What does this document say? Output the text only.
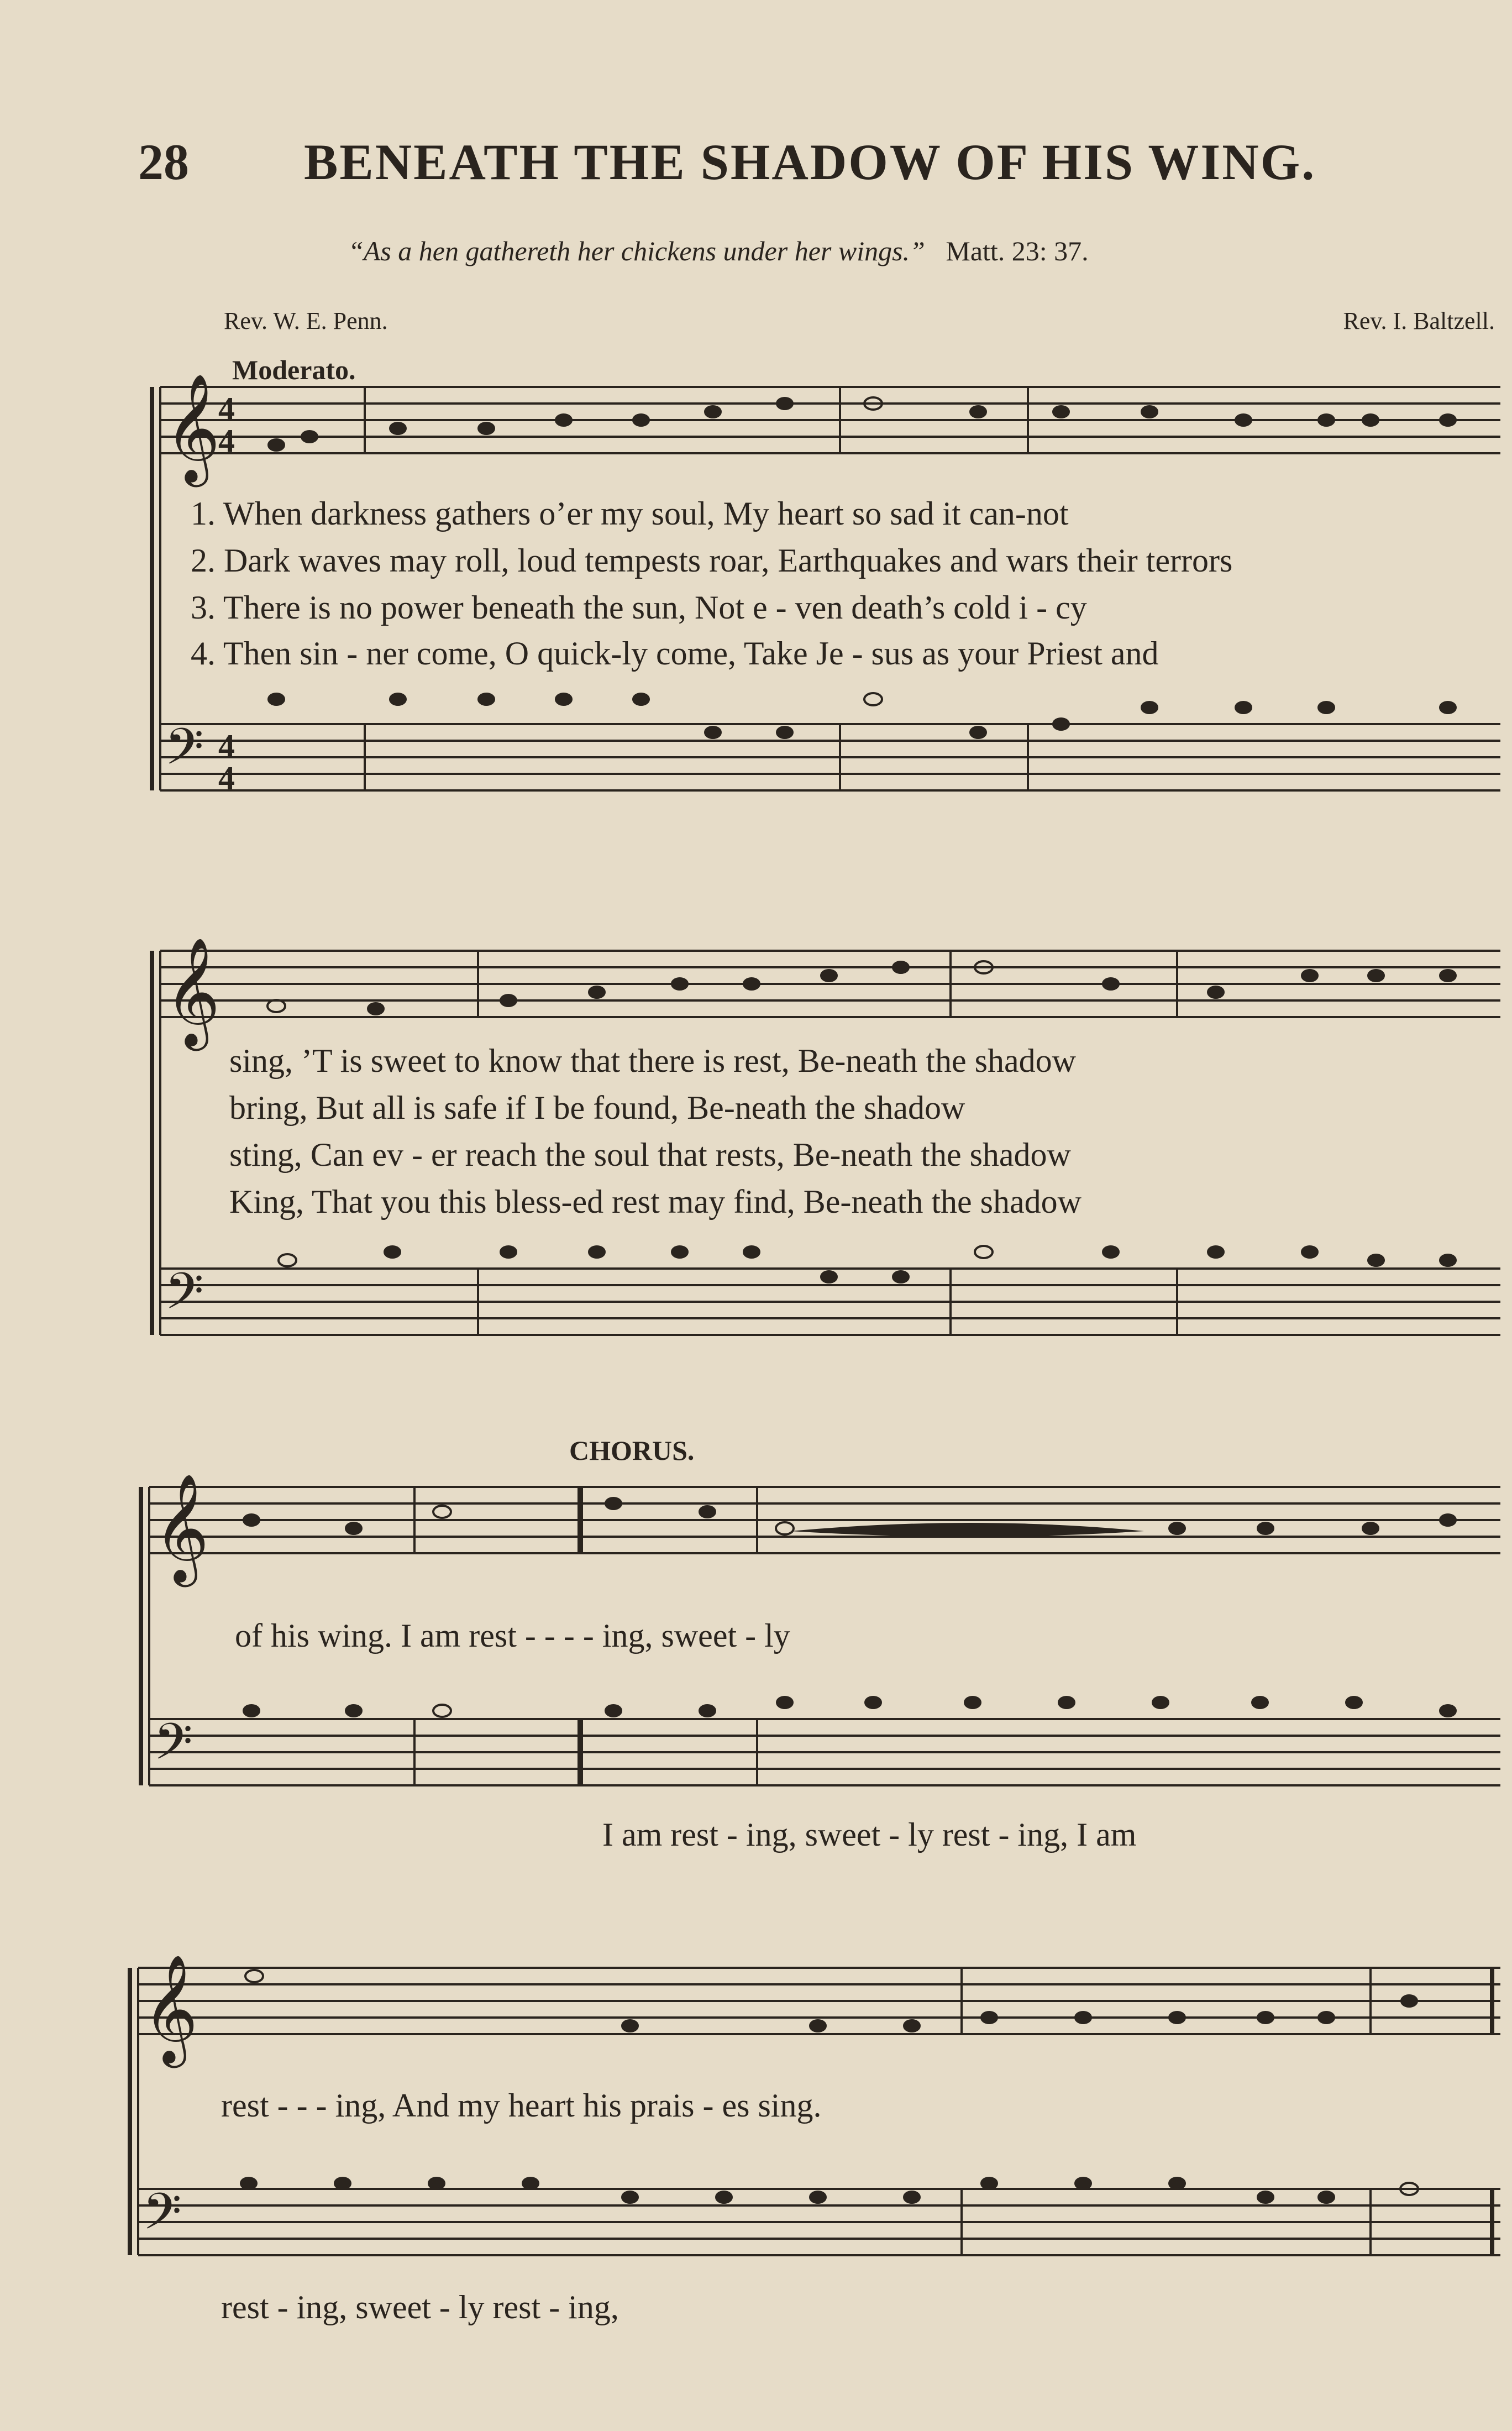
28 BENEATH THE SHADOW OF HIS WING.
“As a hen gathereth her chickens under her wings.” Matt. 23: 37.
Rev. W. E. Penn.	Rev. I. Baltzell.
𝄞
𝄢
𝄞
𝄢
𝄞
𝄢
𝄞
𝄢
4
4
4
4
Moderato.
1. When darkness gathers o’er my soul, My heart so sad it can-not
2. Dark waves may roll, loud tempests roar, Earthquakes and wars their terrors
3. There is no power beneath the sun, Not e - ven death’s cold i - cy
4. Then sin - ner come, O quick-ly come, Take Je - sus as your Priest and
sing, ’T is sweet to know that there is rest, Be-neath the shadow
bring, But all is safe if I be found, Be-neath the shadow
sting, Can ev - er reach the soul that rests, Be-neath the shadow
King, That you this bless-ed rest may find, Be-neath the shadow
CHORUS.
of his wing. I am rest - - - - ing, sweet - ly
I am rest - ing, sweet - ly rest - ing, I am
rest - - - ing, And my heart his prais - es sing.
rest - ing, sweet - ly rest - ing,
